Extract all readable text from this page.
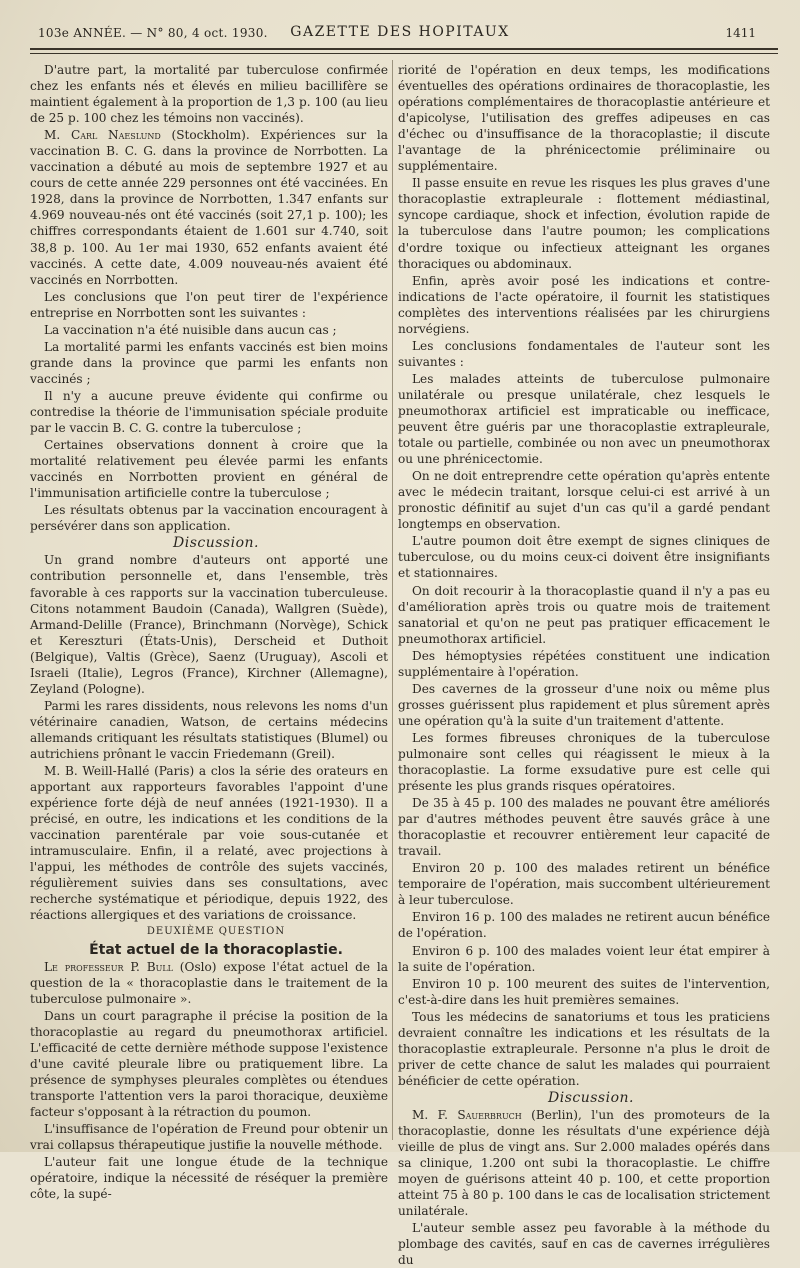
103e ANNÉE. — N° 80, 4 oct. 1930.	GAZETTE DES HOPITAUX	1411

D'autre part, la mortalité par tuberculose confirmée chez les enfants nés et élevés en milieu bacillifère se maintient également à la proportion de 1,3 p. 100 (au lieu de 25 p. 100 chez les témoins non vaccinés).

M. Carl Naeslund (Stockholm). Expériences sur la vaccination B. C. G. dans la province de Norrbotten. La vaccination a débuté au mois de septembre 1927 et au cours de cette année 229 personnes ont été vaccinées. En 1928, dans la province de Norrbotten, 1.347 enfants sur 4.969 nouveau-nés ont été vaccinés (soit 27,1 p. 100); les chiffres correspondants étaient de 1.601 sur 4.740, soit 38,8 p. 100. Au 1er mai 1930, 652 enfants avaient été vaccinés. A cette date, 4.009 nouveau-nés avaient été vaccinés en Norrbotten.

Les conclusions que l'on peut tirer de l'expérience entreprise en Norrbotten sont les suivantes :

La vaccination n'a été nuisible dans aucun cas ;

La mortalité parmi les enfants vaccinés est bien moins grande dans la province que parmi les enfants non vaccinés ;

Il n'y a aucune preuve évidente qui confirme ou contredise la théorie de l'immunisation spéciale produite par le vaccin B. C. G. contre la tuberculose ;

Certaines observations donnent à croire que la mortalité relativement peu élevée parmi les enfants vaccinés en Norrbotten provient en général de l'immunisation artificielle contre la tuberculose ;

Les résultats obtenus par la vaccination encouragent à persévérer dans son application.

Discussion.

Un grand nombre d'auteurs ont apporté une contribution personnelle et, dans l'ensemble, très favorable à ces rapports sur la vaccination tuberculeuse. Citons notamment Baudoin (Canada), Wallgren (Suède), Armand-Delille (France), Brinchmann (Norvège), Schick et Kereszturi (États-Unis), Derscheid et Duthoit (Belgique), Valtis (Grèce), Saenz (Uruguay), Ascoli et Israeli (Italie), Legros (France), Kirchner (Allemagne), Zeyland (Pologne).

Parmi les rares dissidents, nous relevons les noms d'un vétérinaire canadien, Watson, de certains médecins allemands critiquant les résultats statistiques (Blumel) ou autrichiens prônant le vaccin Friedemann (Greil).

M. B. Weill-Hallé (Paris) a clos la série des orateurs en apportant aux rapporteurs favorables l'appoint d'une expérience forte déjà de neuf années (1921-1930). Il a précisé, en outre, les indications et les conditions de la vaccination parentérale par voie sous-cutanée et intramusculaire. Enfin, il a relaté, avec projections à l'appui, les méthodes de contrôle des sujets vaccinés, régulièrement suivies dans ses consultations, avec recherche systématique et périodique, depuis 1922, des réactions allergiques et des variations de croissance.

DEUXIÈME QUESTION

État actuel de la thoracoplastie.

Le professeur P. Bull (Oslo) expose l'état actuel de la question de la « thoracoplastie dans le traitement de la tuberculose pulmonaire ».

Dans un court paragraphe il précise la position de la thoracoplastie au regard du pneumothorax artificiel. L'efficacité de cette dernière méthode suppose l'existence d'une cavité pleurale libre ou pratiquement libre. La présence de symphyses pleurales complètes ou étendues transporte l'attention vers la paroi thoracique, deuxième facteur s'opposant à la rétraction du poumon.

L'insuffisance de l'opération de Freund pour obtenir un vrai collapsus thérapeutique justifie la nouvelle méthode.

L'auteur fait une longue étude de la technique opératoire, indique la nécessité de réséquer la première côte, la supé-

riorité de l'opération en deux temps, les modifications éventuelles des opérations ordinaires de thoracoplastie, les opérations complémentaires de thoracoplastie antérieure et d'apicolyse, l'utilisation des greffes adipeuses en cas d'échec ou d'insuffisance de la thoracoplastie; il discute l'avantage de la phrénicectomie préliminaire ou supplémentaire.

Il passe ensuite en revue les risques les plus graves d'une thoracoplastie extrapleurale : flottement médiastinal, syncope cardiaque, shock et infection, évolution rapide de la tuberculose dans l'autre poumon; les complications d'ordre toxique ou infectieux atteignant les organes thoraciques ou abdominaux.

Enfin, après avoir posé les indications et contre-indications de l'acte opératoire, il fournit les statistiques complètes des interventions réalisées par les chirurgiens norvégiens.

Les conclusions fondamentales de l'auteur sont les suivantes :

Les malades atteints de tuberculose pulmonaire unilatérale ou presque unilatérale, chez lesquels le pneumothorax artificiel est impraticable ou inefficace, peuvent être guéris par une thoracoplastie extrapleurale, totale ou partielle, combinée ou non avec un pneumothorax ou une phrénicectomie.

On ne doit entreprendre cette opération qu'après entente avec le médecin traitant, lorsque celui-ci est arrivé à un pronostic définitif au sujet d'un cas qu'il a gardé pendant longtemps en observation.

L'autre poumon doit être exempt de signes cliniques de tuberculose, ou du moins ceux-ci doivent être insignifiants et stationnaires.

On doit recourir à la thoracoplastie quand il n'y a pas eu d'amélioration après trois ou quatre mois de traitement sanatorial et qu'on ne peut pas pratiquer efficacement le pneumothorax artificiel.

Des hémoptysies répétées constituent une indication supplémentaire à l'opération.

Des cavernes de la grosseur d'une noix ou même plus grosses guérissent plus rapidement et plus sûrement après une opération qu'à la suite d'un traitement d'attente.

Les formes fibreuses chroniques de la tuberculose pulmonaire sont celles qui réagissent le mieux à la thoracoplastie. La forme exsudative pure est celle qui présente les plus grands risques opératoires.

De 35 à 45 p. 100 des malades ne pouvant être améliorés par d'autres méthodes peuvent être sauvés grâce à une thoracoplastie et recouvrer entièrement leur capacité de travail.

Environ 20 p. 100 des malades retirent un bénéfice temporaire de l'opération, mais succombent ultérieurement à leur tuberculose.

Environ 16 p. 100 des malades ne retirent aucun bénéfice de l'opération.

Environ 6 p. 100 des malades voient leur état empirer à la suite de l'opération.

Environ 10 p. 100 meurent des suites de l'intervention, c'est-à-dire dans les huit premières semaines.

Tous les médecins de sanatoriums et tous les praticiens devraient connaître les indications et les résultats de la thoracoplastie extrapleurale. Personne n'a plus le droit de priver de cette chance de salut les malades qui pourraient bénéficier de cette opération.

Discussion.

M. F. Sauerbruch (Berlin), l'un des promoteurs de la thoracoplastie, donne les résultats d'une expérience déjà vieille de plus de vingt ans. Sur 2.000 malades opérés dans sa clinique, 1.200 ont subi la thoracoplastie. Le chiffre moyen de guérisons atteint 40 p. 100, et cette proportion atteint 75 à 80 p. 100 dans le cas de localisation strictement unilatérale.

L'auteur semble assez peu favorable à la méthode du plombage des cavités, sauf en cas de cavernes irrégulières du
